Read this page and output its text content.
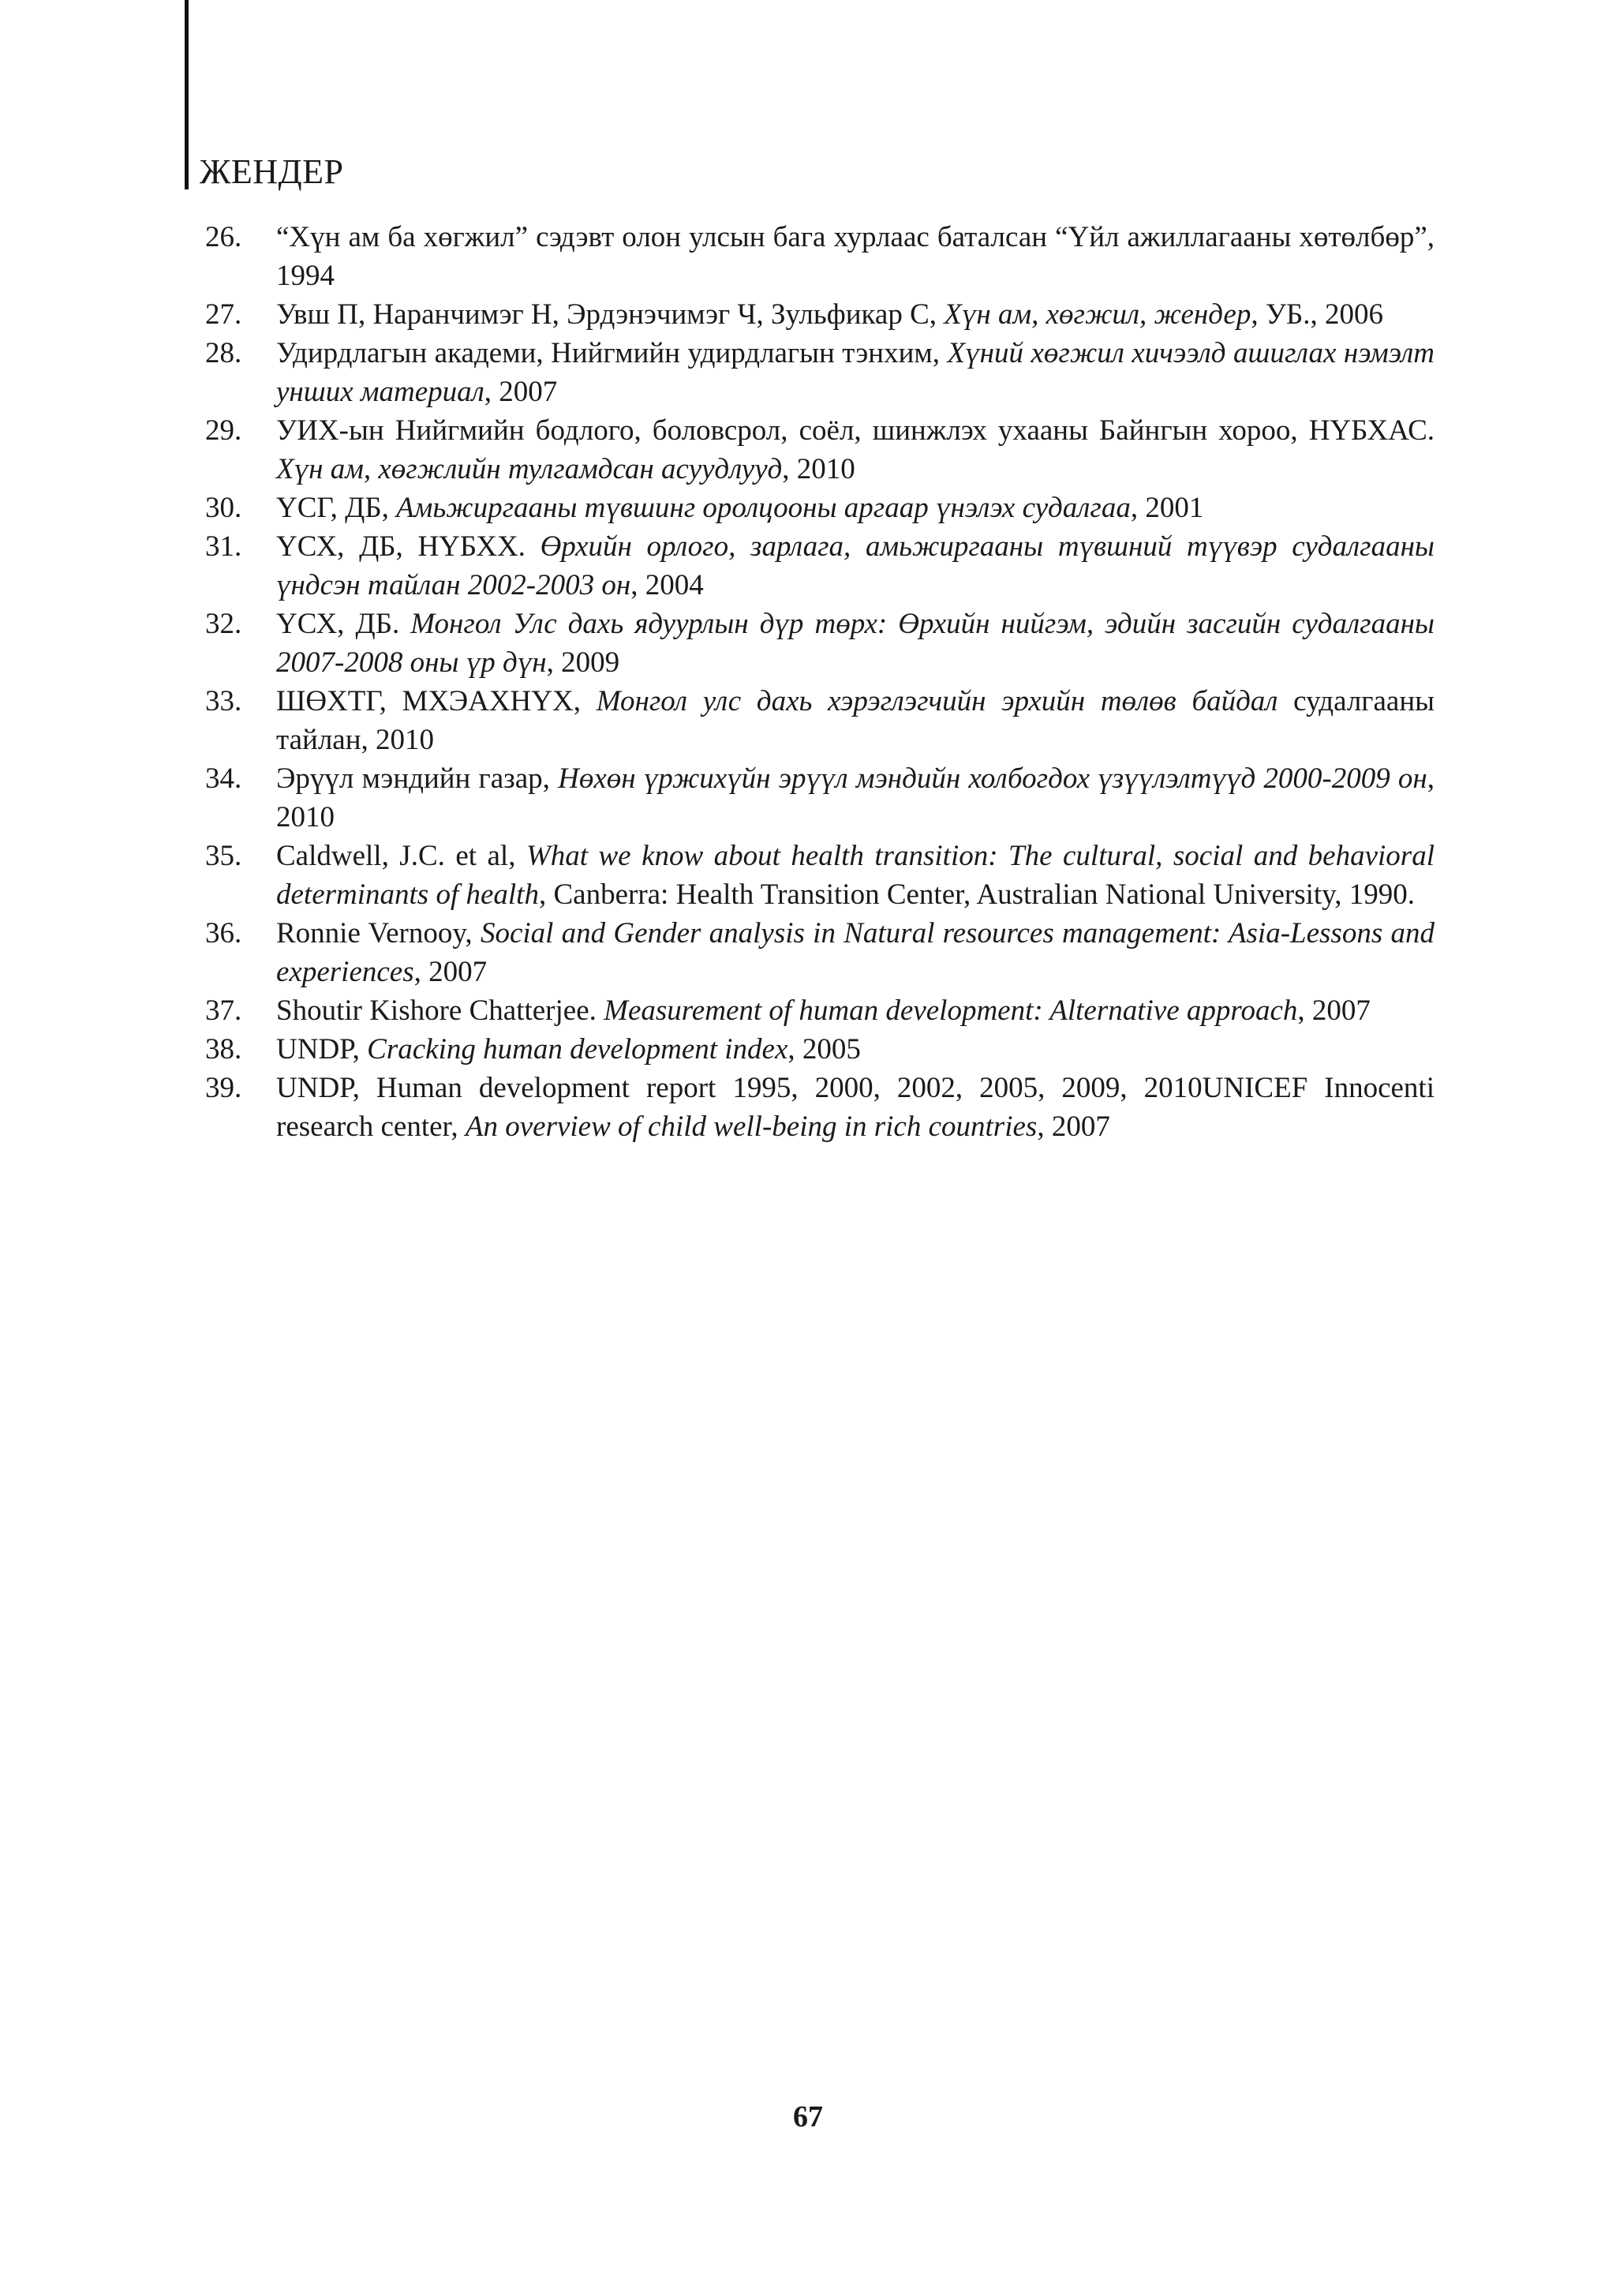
ЖЕНДЕР
26. “Хүн ам ба хөгжил” сэдэвт олон улсын бага хурлаас баталсан “Үйл ажиллагааны хөтөлбөр”, 1994
27. Увш П, Наранчимэг Н, Эрдэнэчимэг Ч, Зульфикар С, Хүн ам, хөгжил, жендер, УБ., 2006
28. Удирдлагын академи, Нийгмийн удирдлагын тэнхим, Хүний хөгжил хичээлд ашиглах нэмэлт унших материал, 2007
29. УИХ-ын Нийгмийн бодлого, боловсрол, соёл, шинжлэх ухааны Байнгын хороо, НҮБХАС. Хүн ам, хөгжлийн тулгамдсан асуудлууд, 2010
30. ҮСГ, ДБ, Амьжиргааны түвшинг оролцооны аргаар үнэлэх судалгаа, 2001
31. ҮСХ, ДБ, НҮБХХ. Өрхийн орлого, зарлага, амьжиргааны түвшний түүвэр судалгааны үндсэн тайлан 2002-2003 он, 2004
32. ҮСХ, ДБ. Монгол Улс дахь ядуурлын дүр төрх: Өрхийн нийгэм, эдийн засгийн судалгааны 2007-2008 оны үр дүн, 2009
33. ШӨХТГ, МХЭАХНҮХ, Монгол улс дахь хэрэглэгчийн эрхийн төлөв байдал судалгааны тайлан, 2010
34. Эрүүл мэндийн газар, Нөхөн үржихүйн эрүүл мэндийн холбогдох үзүүлэлтүүд 2000-2009 он, 2010
35. Caldwell, J.C. et al, What we know about health transition: The cultural, social and behavioral determinants of health, Canberra: Health Transition Center, Australian National University, 1990.
36. Ronnie Vernooy, Social and Gender analysis in Natural resources management: Asia-Lessons and experiences, 2007
37. Shoutir Kishore Chatterjee. Measurement of human development: Alternative approach, 2007
38. UNDP, Cracking human development index, 2005
39. UNDP, Human development report 1995, 2000, 2002, 2005, 2009, 2010UNICEF Innocenti research center, An overview of child well-being in rich countries, 2007
67
